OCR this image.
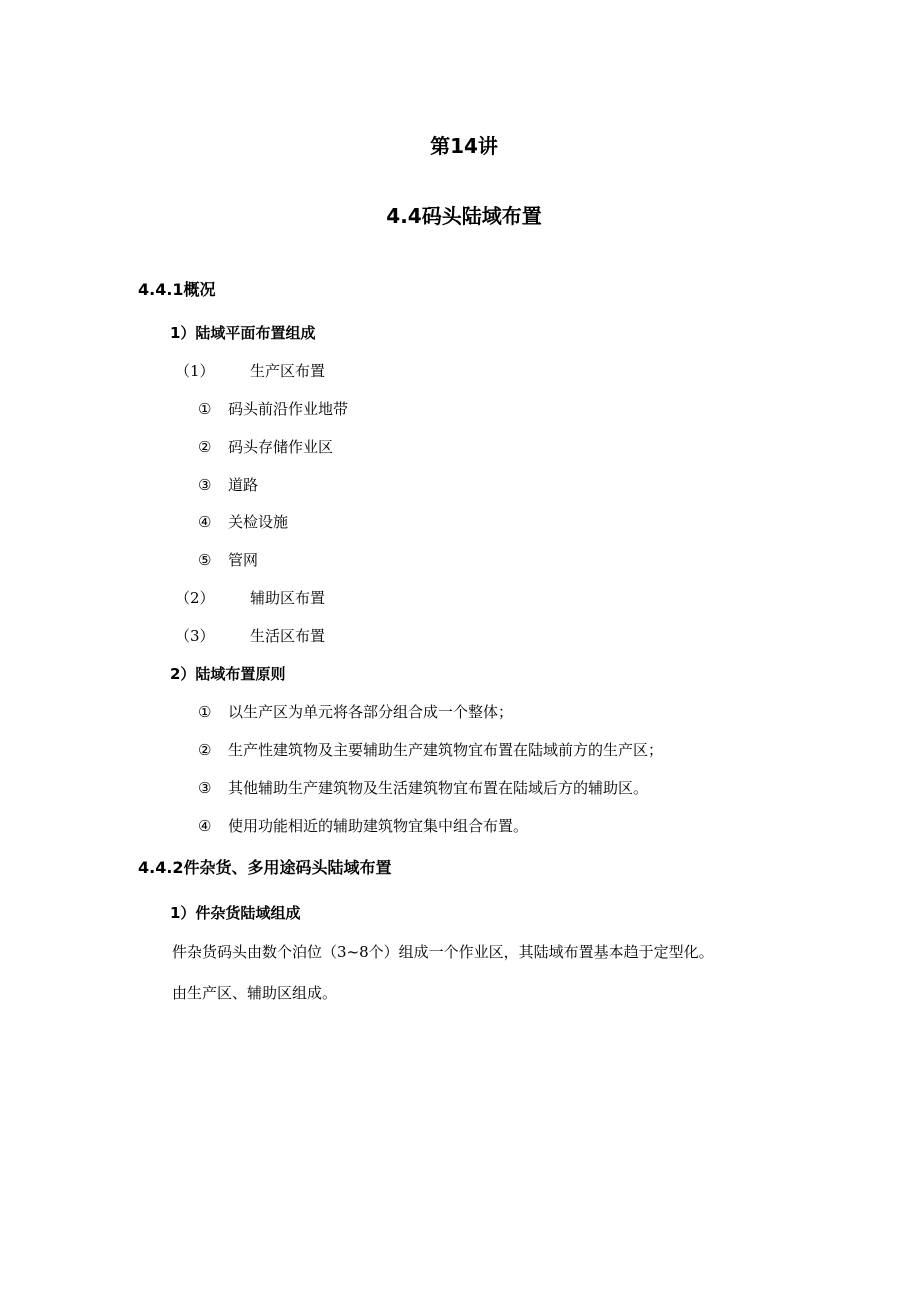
第14讲
4.4码头陆域布置
4.4.1概况
1）陆域平面布置组成
（1） 生产区布置
① 码头前沿作业地带
② 码头存储作业区
③ 道路
④ 关检设施
⑤ 管网
（2） 辅助区布置
（3） 生活区布置
2）陆域布置原则
① 以生产区为单元将各部分组合成一个整体；
② 生产性建筑物及主要辅助生产建筑物宜布置在陆域前方的生产区；
③ 其他辅助生产建筑物及生活建筑物宜布置在陆域后方的辅助区。
④ 使用功能相近的辅助建筑物宜集中组合布置。
4.4.2件杂货、多用途码头陆域布置
1）件杂货陆域组成
件杂货码头由数个泊位（3~8个）组成一个作业区，其陆域布置基本趋于定型化。
由生产区、辅助区组成。
